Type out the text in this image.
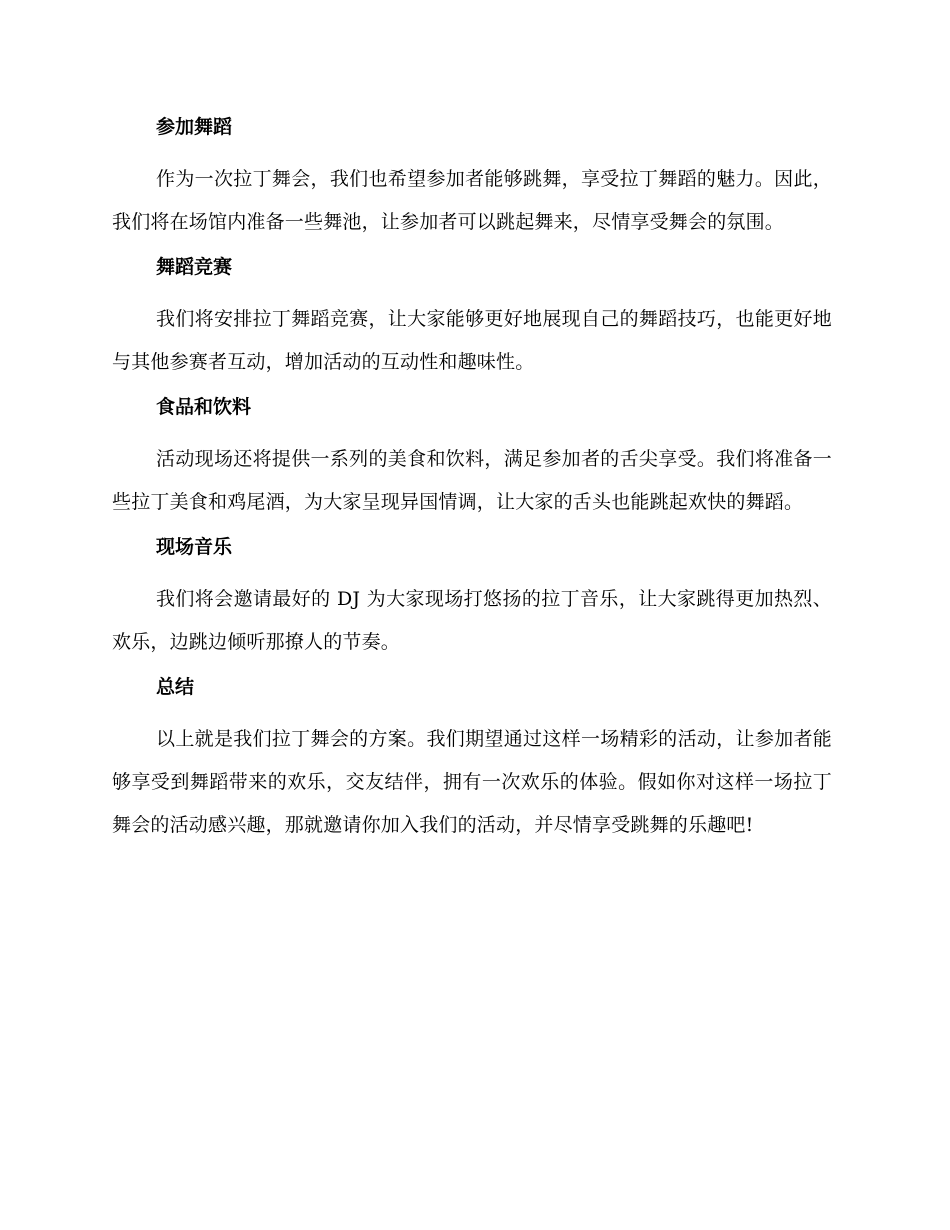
参加舞蹈

作为一次拉丁舞会，我们也希望参加者能够跳舞，享受拉丁舞蹈的魅力。因此，我们将在场馆内准备一些舞池，让参加者可以跳起舞来，尽情享受舞会的氛围。

舞蹈竞赛

我们将安排拉丁舞蹈竞赛，让大家能够更好地展现自己的舞蹈技巧，也能更好地与其他参赛者互动，增加活动的互动性和趣味性。

食品和饮料

活动现场还将提供一系列的美食和饮料，满足参加者的舌尖享受。我们将准备一些拉丁美食和鸡尾酒，为大家呈现异国情调，让大家的舌头也能跳起欢快的舞蹈。

现场音乐

我们将会邀请最好的 DJ 为大家现场打悠扬的拉丁音乐，让大家跳得更加热烈、欢乐，边跳边倾听那撩人的节奏。

总结

以上就是我们拉丁舞会的方案。我们期望通过这样一场精彩的活动，让参加者能够享受到舞蹈带来的欢乐，交友结伴，拥有一次欢乐的体验。假如你对这样一场拉丁舞会的活动感兴趣，那就邀请你加入我们的活动，并尽情享受跳舞的乐趣吧!
